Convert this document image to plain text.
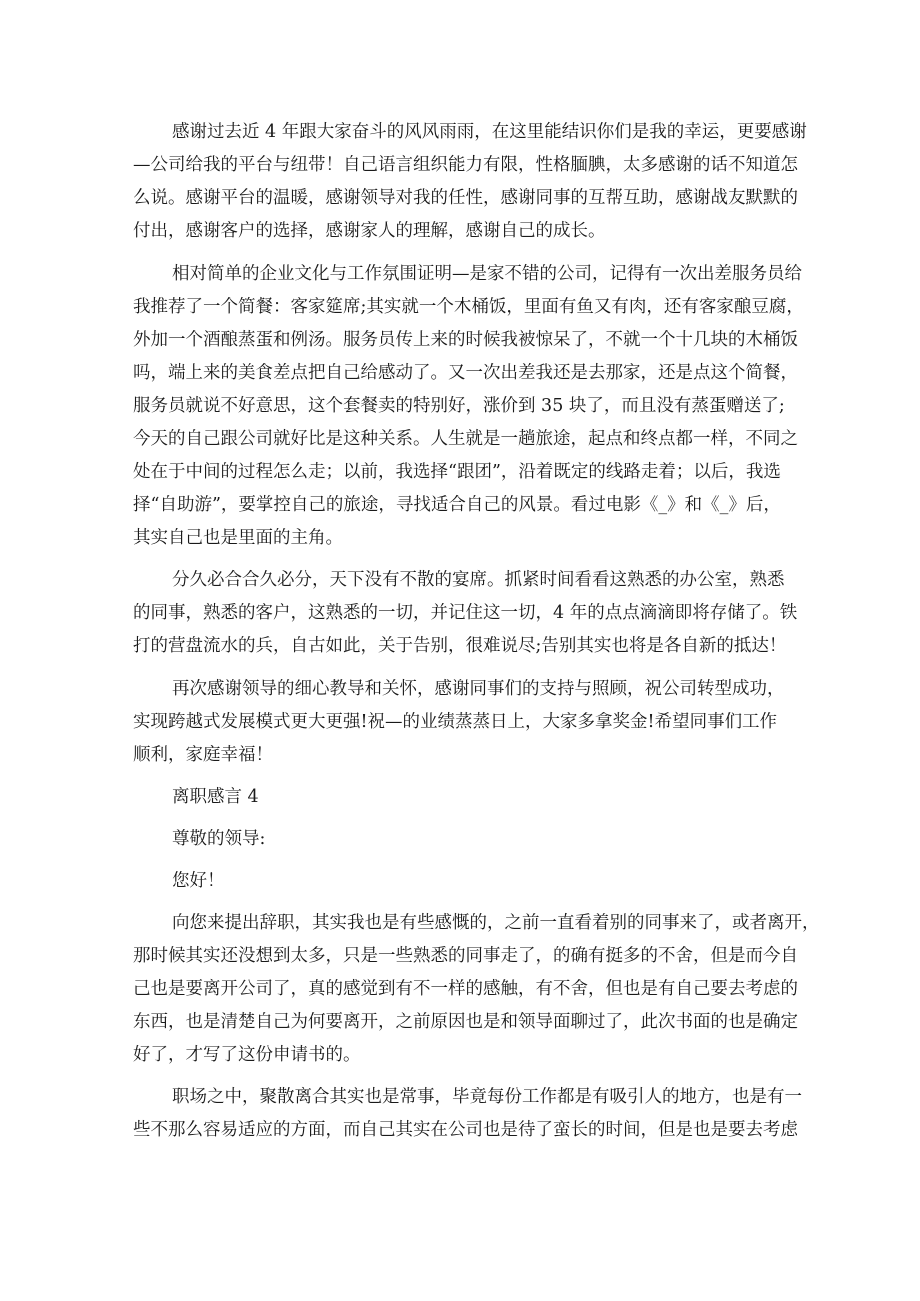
感谢过去近 4 年跟大家奋斗的风风雨雨，在这里能结识你们是我的幸运，更要感谢

—公司给我的平台与纽带！自己语言组织能力有限，性格腼腆，太多感谢的话不知道怎

么说。感谢平台的温暖，感谢领导对我的任性，感谢同事的互帮互助，感谢战友默默的

付出，感谢客户的选择，感谢家人的理解，感谢自己的成长。

相对简单的企业文化与工作氛围证明—是家不错的公司，记得有一次出差服务员给

我推荐了一个简餐：客家筵席;其实就一个木桶饭，里面有鱼又有肉，还有客家酿豆腐，

外加一个酒酿蒸蛋和例汤。服务员传上来的时候我被惊呆了，不就一个十几块的木桶饭

吗，端上来的美食差点把自己给感动了。又一次出差我还是去那家，还是点这个简餐，

服务员就说不好意思，这个套餐卖的特别好，涨价到 35 块了，而且没有蒸蛋赠送了;

今天的自己跟公司就好比是这种关系。人生就是一趟旅途，起点和终点都一样，不同之

处在于中间的过程怎么走；以前，我选择“跟团”，沿着既定的线路走着；以后，我选

择“自助游”，要掌控自己的旅途，寻找适合自己的风景。看过电影《_》和《_》后，

其实自己也是里面的主角。

分久必合合久必分，天下没有不散的宴席。抓紧时间看看这熟悉的办公室，熟悉

的同事，熟悉的客户，这熟悉的一切，并记住这一切，4 年的点点滴滴即将存储了。铁

打的营盘流水的兵，自古如此，关于告别，很难说尽;告别其实也将是各自新的抵达！

再次感谢领导的细心教导和关怀，感谢同事们的支持与照顾，祝公司转型成功，

实现跨越式发展模式更大更强!祝—的业绩蒸蒸日上，大家多拿奖金!希望同事们工作

顺利，家庭幸福！

离职感言 4

尊敬的领导:

您好！

向您来提出辞职，其实我也是有些感慨的，之前一直看着别的同事来了，或者离开，

那时候其实还没想到太多，只是一些熟悉的同事走了，的确有挺多的不舍，但是而今自

己也是要离开公司了，真的感觉到有不一样的感触，有不舍，但也是有自己要去考虑的

东西，也是清楚自己为何要离开，之前原因也是和领导面聊过了，此次书面的也是确定

好了，才写了这份申请书的。

职场之中，聚散离合其实也是常事，毕竟每份工作都是有吸引人的地方，也是有一

些不那么容易适应的方面，而自己其实在公司也是待了蛮长的时间，但是也是要去考虑
